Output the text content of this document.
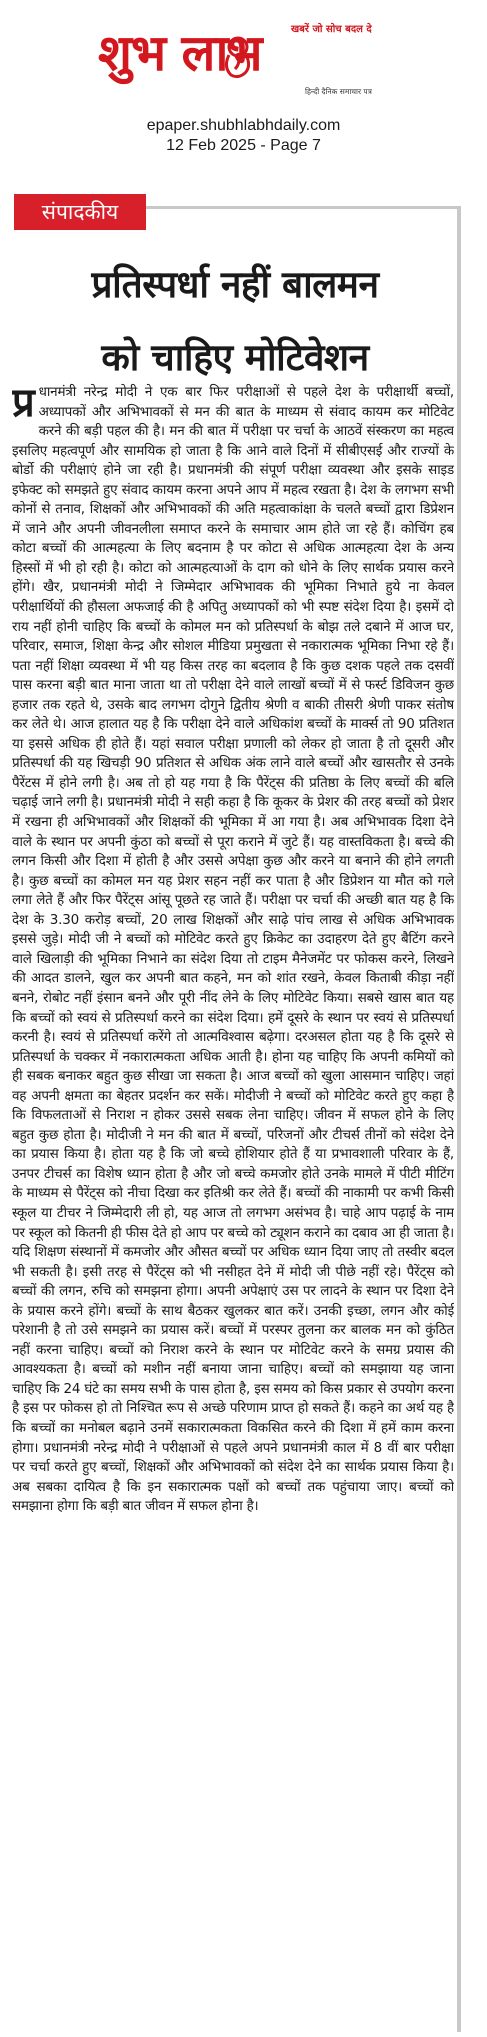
खबरें जो सोच बदल दे
शुभ लाभ
हिन्दी दैनिक समाचार पत्र
epaper.shubhlabhdaily.com
12 Feb 2025 - Page 7
संपादकीय
प्रतिस्पर्धा नहीं बालमन
को चाहिए मोटिवेशन
प्र धानमंत्री नरेन्द्र मोदी ने एक बार फिर परीक्षाओं से पहले देश के परीक्षार्थी बच्चों, अध्यापकों और अभिभावकों से मन की बात के माध्यम से संवाद कायम कर मोटिवेट करने की बड़ी पहल की है। मन की बात में परीक्षा पर चर्चा के आठवें संस्करण का महत्व इसलिए महत्वपूर्ण और सामयिक हो जाता है कि आने वाले दिनों में सीबीएसई और राज्यों के बोर्डो की परीक्षाएं होने जा रही है। प्रधानमंत्री की संपूर्ण परीक्षा व्यवस्था और इसके साइड इफेक्ट को समझते हुए संवाद कायम करना अपने आप में महत्व रखता है। देश के लगभग सभी कोनों से तनाव, शिक्षकों और अभिभावकों की अति महत्वाकांक्षा के चलते बच्चों द्वारा डिप्रेशन में जाने और अपनी जीवनलीला समाप्त करने के समाचार आम होते जा रहे हैं। कोचिंग हब कोटा बच्चों की आत्महत्या के लिए बदनाम है पर कोटा से अधिक आत्महत्या देश के अन्य हिस्सों में भी हो रही है। कोटा को आत्महत्याओं के दाग को धोने के लिए सार्थक प्रयास करने होंगे। खैर, प्रधानमंत्री मोदी ने जिम्मेदार अभिभावक की भूमिका निभाते हुये ना केवल परीक्षार्थियों की हौसला अफजाई की है अपितु अध्यापकों को भी स्पष्ट संदेश दिया है। इसमें दो राय नहीं होनी चाहिए कि बच्चों के कोमल मन को प्रतिस्पर्धा के बोझ तले दबाने में आज घर, परिवार, समाज, शिक्षा केन्द्र और सोशल मीडिया प्रमुखता से नकारात्मक भूमिका निभा रहे हैं। पता नहीं शिक्षा व्यवस्था में भी यह किस तरह का बदलाव है कि कुछ दशक पहले तक दसवीं पास करना बड़ी बात माना जाता था तो परीक्षा देने वाले लाखों बच्चों में से फर्स्ट डिविजन कुछ हजार तक रहते थे, उसके बाद लगभग दोगुने द्वितीय श्रेणी व बाकी तीसरी श्रेणी पाकर संतोष कर लेते थे। आज हालात यह है कि परीक्षा देने वाले अधिकांश बच्चों के मार्क्स तो 90 प्रतिशत या इससे अधिक ही होते हैं। यहां सवाल परीक्षा प्रणाली को लेकर हो जाता है तो दूसरी और प्रतिस्पर्धा की यह खिचड़ी 90 प्रतिशत से अधिक अंक लाने वाले बच्चों और खासतौर से उनके पैरेंटस में होने लगी है। अब तो हो यह गया है कि पैरेंट्स की प्रतिष्ठा के लिए बच्चों की बलि चढ़ाई जाने लगी है। प्रधानमंत्री मोदी ने सही कहा है कि कूकर के प्रेशर की तरह बच्चों को प्रेशर में रखना ही अभिभावकों और शिक्षकों की भूमिका में आ गया है। अब अभिभावक दिशा देने वाले के स्थान पर अपनी कुंठा को बच्चों से पूरा कराने में जुटे हैं। यह वास्तविकता है। बच्चे की लगन किसी और दिशा में होती है और उससे अपेक्षा कुछ और करने या बनाने की होने लगती है। कुछ बच्चों का कोमल मन यह प्रेशर सहन नहीं कर पाता है और डिप्रेशन या मौत को गले लगा लेते हैं और फिर पैरेंट्स आंसू पूछते रह जाते हैं। परीक्षा पर चर्चा की अच्छी बात यह है कि देश के 3.30 करोड़ बच्चों, 20 लाख शिक्षकों और साढ़े पांच लाख से अधिक अभिभावक इससे जुड़े। मोदी जी ने बच्चों को मोटिवेट करते हुए क्रिकेट का उदाहरण देते हुए बैटिंग करने वाले खिलाड़ी की भूमिका निभाने का संदेश दिया तो टाइम मैनेजमेंट पर फोकस करने, लिखने की आदत डालने, खुल कर अपनी बात कहने, मन को शांत रखने, केवल किताबी कीड़ा नहीं बनने, रोबोट नहीं इंसान बनने और पूरी नींद लेने के लिए मोटिवेट किया। सबसे खास बात यह कि बच्चों को स्वयं से प्रतिस्पर्धा करने का संदेश दिया। हमें दूसरे के स्थान पर स्वयं से प्रतिस्पर्धा करनी है। स्वयं से प्रतिस्पर्धा करेंगे तो आत्मविश्वास बढ़ेगा। दरअसल होता यह है कि दूसरे से प्रतिस्पर्धा के चक्कर में नकारात्मकता अधिक आती है। होना यह चाहिए कि अपनी कमियों को ही सबक बनाकर बहुत कुछ सीखा जा सकता है। आज बच्चों को खुला आसमान चाहिए। जहां वह अपनी क्षमता का बेहतर प्रदर्शन कर सकें। मोदीजी ने बच्चों को मोटिवेट करते हुए कहा है कि विफलताओं से निराश न होकर उससे सबक लेना चाहिए। जीवन में सफल होने के लिए बहुत कुछ होता है। मोदीजी ने मन की बात में बच्चों, परिजनों और टीचर्स तीनों को संदेश देने का प्रयास किया है। होता यह है कि जो बच्चे होशियार होते हैं या प्रभावशाली परिवार के हैं, उनपर टीचर्स का विशेष ध्यान होता है और जो बच्चे कमजोर होते उनके मामले में पीटी मीटिंग के माध्यम से पैरेंट्स को नीचा दिखा कर इतिश्री कर लेते हैं। बच्चों की नाकामी पर कभी किसी स्कूल या टीचर ने जिम्मेदारी ली हो, यह आज तो लगभग असंभव है। चाहे आप पढ़ाई के नाम पर स्कूल को कितनी ही फीस देते हो आप पर बच्चे को ट्यूशन कराने का दबाव आ ही जाता है। यदि शिक्षण संस्थानों में कमजोर और औसत बच्चों पर अधिक ध्यान दिया जाए तो तस्वीर बदल भी सकती है। इसी तरह से पैरेंट्स को भी नसीहत देने में मोदी जी पीछे नहीं रहे। पैरेंट्स को बच्चों की लगन, रुचि को समझना होगा। अपनी अपेक्षाएं उस पर लादने के स्थान पर दिशा देने के प्रयास करने होंगे। बच्चों के साथ बैठकर खुलकर बात करें। उनकी इच्छा, लगन और कोई परेशानी है तो उसे समझने का प्रयास करें। बच्चों में परस्पर तुलना कर बालक मन को कुंठित नहीं करना चाहिए। बच्चों को निराश करने के स्थान पर मोटिवेट करने के समग्र प्रयास की आवश्यकता है। बच्चों को मशीन नहीं बनाया जाना चाहिए। बच्चों को समझाया यह जाना चाहिए कि 24 घंटे का समय सभी के पास होता है, इस समय को किस प्रकार से उपयोग करना है इस पर फोकस हो तो निश्चित रूप से अच्छे परिणाम प्राप्त हो सकते हैं। कहने का अर्थ यह है कि बच्चों का मनोबल बढ़ाने उनमें सकारात्मकता विकसित करने की दिशा में हमें काम करना होगा। प्रधानमंत्री नरेन्द्र मोदी ने परीक्षाओं से पहले अपने प्रधानमंत्री काल में 8 वीं बार परीक्षा पर चर्चा करते हुए बच्चों, शिक्षकों और अभिभावकों को संदेश देने का सार्थक प्रयास किया है। अब सबका दायित्व है कि इन सकारात्मक पक्षों को बच्चों तक पहुंचाया जाए। बच्चों को समझाना होगा कि बड़ी बात जीवन में सफल होना है।
